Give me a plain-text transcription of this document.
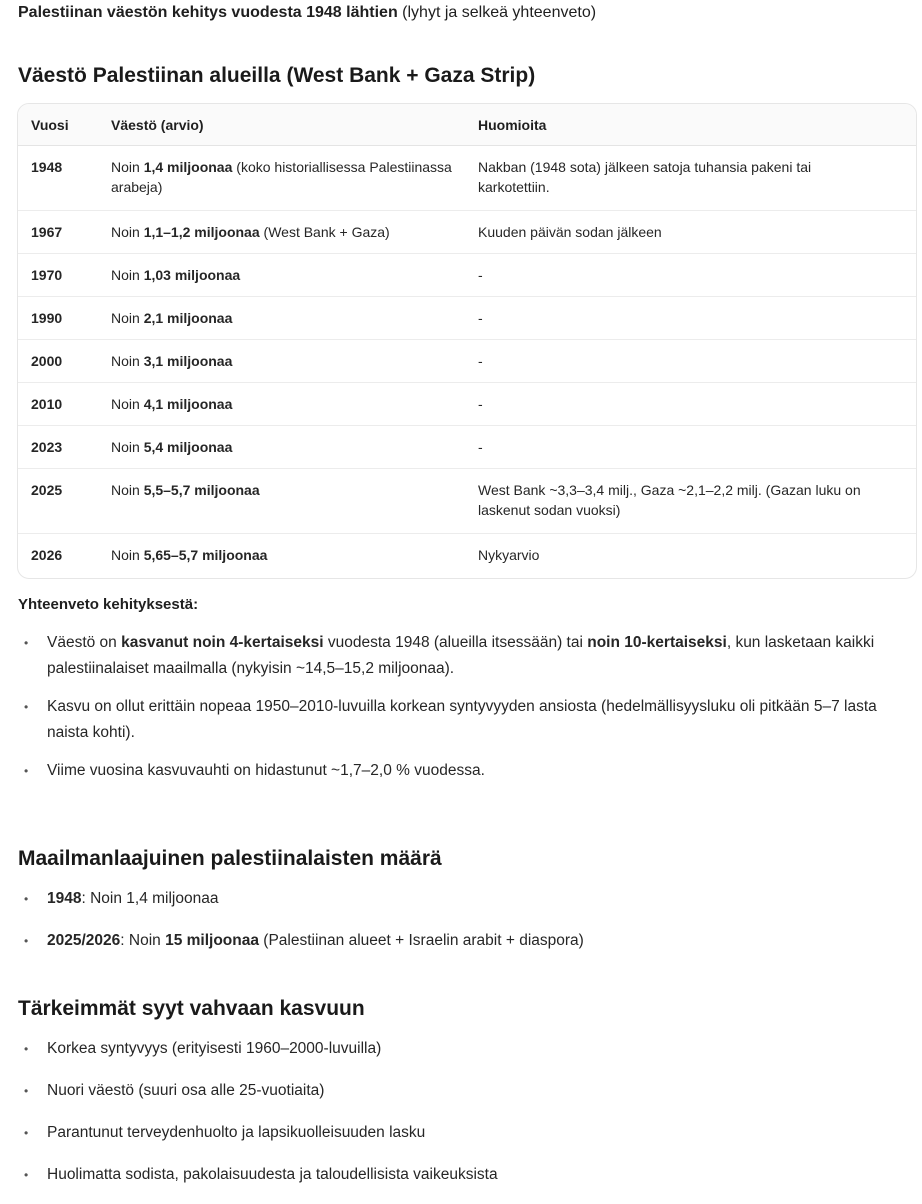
Palestiinan väestön kehitys vuodesta 1948 lähtien (lyhyt ja selkeä yhteenveto)
Väestö Palestiinan alueilla (West Bank + Gaza Strip)
Vuosi	Väestö (arvio)	Huomioita
1948	Noin 1,4 miljoonaa (koko historiallisessa Palestiinassa arabeja)	Nakban (1948 sota) jälkeen satoja tuhansia pakeni tai karkotettiin.
1967	Noin 1,1–1,2 miljoonaa (West Bank + Gaza)	Kuuden päivän sodan jälkeen
1970	Noin 1,03 miljoonaa	-
1990	Noin 2,1 miljoonaa	-
2000	Noin 3,1 miljoonaa	-
2010	Noin 4,1 miljoonaa	-
2023	Noin 5,4 miljoonaa	-
2025	Noin 5,5–5,7 miljoonaa	West Bank ~3,3–3,4 milj., Gaza ~2,1–2,2 milj. (Gazan luku on laskenut sodan vuoksi)
2026	Noin 5,65–5,7 miljoonaa	Nykyarvio
Yhteenveto kehityksestä:
• Väestö on kasvanut noin 4-kertaiseksi vuodesta 1948 (alueilla itsessään) tai noin 10-kertaiseksi, kun lasketaan kaikki palestiinalaiset maailmalla (nykyisin ~14,5–15,2 miljoonaa).
• Kasvu on ollut erittäin nopeaa 1950–2010-luvuilla korkean syntyvyyden ansiosta (hedelmällisyysluku oli pitkään 5–7 lasta naista kohti).
• Viime vuosina kasvuvauhti on hidastunut ~1,7–2,0 % vuodessa.
Maailmanlaajuinen palestiinalaisten määrä
• 1948: Noin 1,4 miljoonaa
• 2025/2026: Noin 15 miljoonaa (Palestiinan alueet + Israelin arabit + diaspora)
Tärkeimmät syyt vahvaan kasvuun
• Korkea syntyvyys (erityisesti 1960–2000-luvuilla)
• Nuori väestö (suuri osa alle 25-vuotiaita)
• Parantunut terveydenhuolto ja lapsikuolleisuuden lasku
• Huolimatta sodista, pakolaisuudesta ja taloudellisista vaikeuksista
